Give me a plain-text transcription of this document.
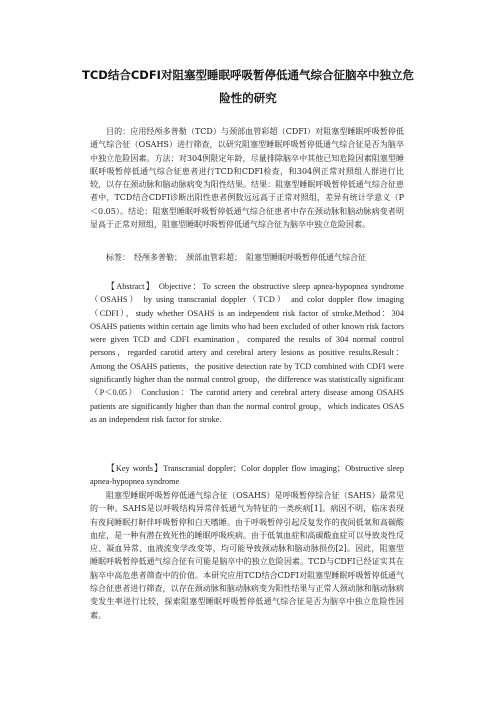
TCD结合CDFI对阻塞型睡眠呼吸暂停低通气综合征脑卒中独立危
险性的研究
目的：应用经颅多普勒（TCD）与颈部血管彩超（CDFI）对阻塞型睡眠呼吸暂停低通气综合征（OSAHS）进行筛查，以研究阻塞型睡眠呼吸暂停低通气综合征是否为脑卒中独立危险因素。方法：对304例限定年龄，尽量排除脑卒中其他已知危险因素阻塞型睡眠呼吸暂停低通气综合征患者进行TCD和CDFI检查，和304例正常对照组人群进行比较，以存在颈动脉和脑动脉病变为阳性结果。结果：阻塞型睡眠呼吸暂停低通气综合征患者中，TCD结合CDFI诊断出阳性患者例数远远高于正常对照组，差异有统计学意义（P＜0.05）。结论：阻塞型睡眠呼吸暂停低通气综合征患者中存在颈动脉和脑动脉病变者明显高于正常对照组，阻塞型睡眠呼吸暂停低通气综合征为脑卒中独立危险因素。
标签：　经颅多普勒；　颈部血管彩超；　阻塞型睡眠呼吸暂停低通气综合征
【Abstract】 Objective：To screen the obstructive sleep apnea-hypopnea syndrome（OSAHS） by using transcranial doppler（TCD） and color doppler flow imaging（CDFI），study whether OSAHS is an independent risk factor of stroke.Method：304 OSAHS patients within certain age limits who had been excluded of other known risk factors were given TCD and CDFI examination，compared the results of 304 normal control persons，regarded carotid artery and cerebral artery lesions as positive results.Result：Among the OSAHS patients，the positive detection rate by TCD combined with CDFI were significantly higher than the normal control group，the difference was statistically significant（P＜0.05） Conclusion：The carotid artery and cerebral artery disease among OSAHS patients are significantly higher than than the normal control group，which indicates OSAS as an independent risk factor for stroke.
【Key words】Transcranial doppler；Color doppler flow imaging；Obstructive sleep apnea-hypopnea syndrome
阻塞型睡眠呼吸暂停低通气综合征（OSAHS）是呼吸暂停综合征（SAHS）最常见的一种。SAHS是以呼吸结构异常伴低通气为特征的一类疾病[1]。病因不明，临床表现有夜间睡眠打鼾伴呼吸暂停和白天嗜睡。由于呼吸暂停引起反复发作的夜间低氧和高碳酸血症，是一种有潜在致死性的睡眠呼吸疾病。由于低氧血症和高碳酸血症可以导致炎性反应、凝血异常、血液流变学改变等，均可能导致颈动脉和脑动脉损伤[2]。因此，阻塞型睡眠呼吸暂停低通气综合征有可能是脑卒中的独立危险因素。TCD与CDFI已经证实其在脑卒中高危患者筛查中的价值。本研究应用TCD结合CDFI对阻塞型睡眠呼吸暂停低通气综合征患者进行筛查，以存在颈动脉和脑动脉病变为阳性结果与正常人颈动脉和脑动脉病变发生率进行比较，探索阻塞型睡眠呼吸暂停低通气综合征是否为脑卒中独立危险性因素。
